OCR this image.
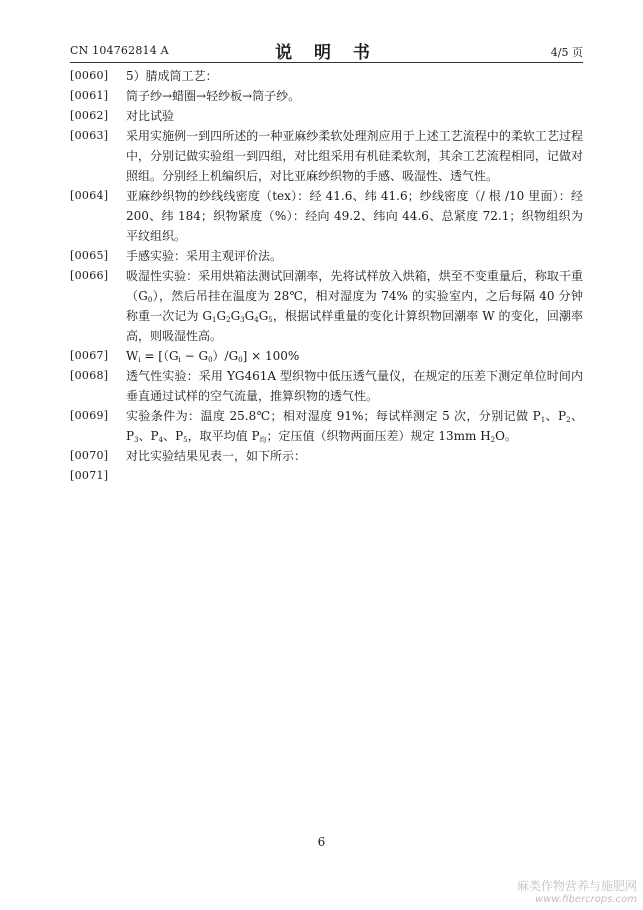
CN 104762814 A	说 明 书	4/5 页
[0060] 5）腈成筒工艺：
[0061] 筒子纱→蜡圈→轻纱板→筒子纱。
[0062] 对比试验
[0063] 采用实施例一到四所述的一种亚麻纱柔软处理剂应用于上述工艺流程中的柔软工艺过程中，分别记做实验组一到四组，对比组采用有机硅柔软剂，其余工艺流程相同，记做对照组。分别经上机编织后，对比亚麻纱织物的手感、吸湿性、透气性。
[0064] 亚麻纱织物的纱线线密度（tex）：经 41.6、纬 41.6；纱线密度（/ 根 /10 里面）：经 200、纬 184；织物紧度（%）：经向 49.2、纬向 44.6、总紧度 72.1；织物组织为平纹组织。
[0065] 手感实验：采用主观评价法。
[0066] 吸湿性实验：采用烘箱法测试回潮率，先将试样放入烘箱，烘至不变重量后，称取干重$(G_0)$，然后吊挂在温度为 28℃，相对湿度为 74% 的实验室内，之后每隔 40 分钟称重一次记为 $G_1G_2G_3G_4G_5$，根据试样重量的变化计算织物回潮率 W 的变化，回潮率高，则吸湿性高。
[0067] $W_i = [(G_i - G_0)/G_0] \times 100\%$
[0068] 透气性实验：采用 YG461A 型织物中低压透气量仪，在规定的压差下测定单位时间内垂直通过试样的空气流量，推算织物的透气性。
[0069] 实验条件为：温度 25.8℃；相对湿度 91%；每试样测定 5 次，分别记做 $P_1$、$P_2$、$P_3$、$P_4$、$P_5$，取平均值 $P_均$；定压值（织物两面压差）规定 13mm $H_2O$。
[0070] 对比实验结果见表一，如下所示：
[0071]
6
麻类作物营养与施肥网
www.fibercrops.com
